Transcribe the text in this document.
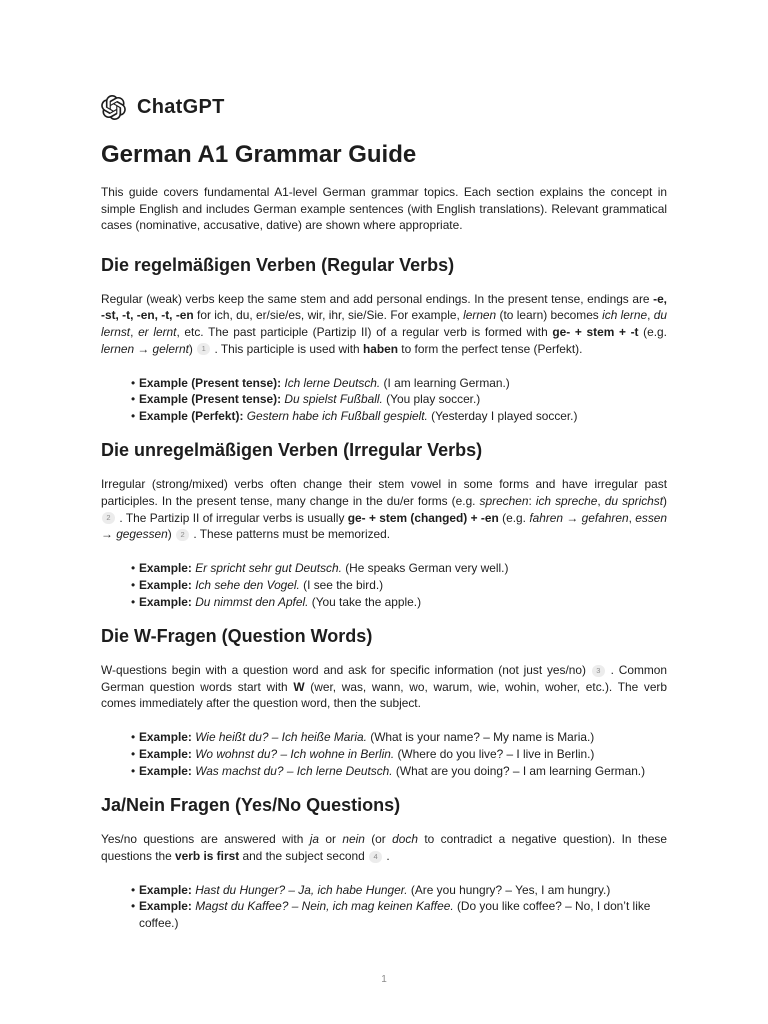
ChatGPT
German A1 Grammar Guide

This guide covers fundamental A1-level German grammar topics. Each section explains the concept in simple English and includes German example sentences (with English translations). Relevant grammatical cases (nominative, accusative, dative) are shown where appropriate.

Die regelmäßigen Verben (Regular Verbs)

Regular (weak) verbs keep the same stem and add personal endings. In the present tense, endings are -e, -st, -t, -en, -t, -en for ich, du, er/sie/es, wir, ihr, sie/Sie. For example, lernen (to learn) becomes ich lerne, du lernst, er lernt, etc. The past participle (Partizip II) of a regular verb is formed with ge- + stem + -t (e.g. lernen → gelernt) 1 . This participle is used with haben to form the perfect tense (Perfekt).

• Example (Present tense): Ich lerne Deutsch. (I am learning German.)
• Example (Present tense): Du spielst Fußball. (You play soccer.)
• Example (Perfekt): Gestern habe ich Fußball gespielt. (Yesterday I played soccer.)
Die unregelmäßigen Verben (Irregular Verbs)

Irregular (strong/mixed) verbs often change their stem vowel in some forms and have irregular past participles. In the present tense, many change in the du/er forms (e.g. sprechen: ich spreche, du sprichst) 2 . The Partizip II of irregular verbs is usually ge- + stem (changed) + -en (e.g. fahren → gefahren, essen → gegessen) 2 . These patterns must be memorized.

• Example: Er spricht sehr gut Deutsch. (He speaks German very well.)
• Example: Ich sehe den Vogel. (I see the bird.)
• Example: Du nimmst den Apfel. (You take the apple.)
Die W-Fragen (Question Words)

W-questions begin with a question word and ask for specific information (not just yes/no) 3 . Common German question words start with W (wer, was, wann, wo, warum, wie, wohin, woher, etc.). The verb comes immediately after the question word, then the subject.

• Example: Wie heißt du? – Ich heiße Maria. (What is your name? – My name is Maria.)
• Example: Wo wohnst du? – Ich wohne in Berlin. (Where do you live? – I live in Berlin.)
• Example: Was machst du? – Ich lerne Deutsch. (What are you doing? – I am learning German.)
Ja/Nein Fragen (Yes/No Questions)

Yes/no questions are answered with ja or nein (or doch to contradict a negative question). In these questions the verb is first and the subject second 4 .

• Example: Hast du Hunger? – Ja, ich habe Hunger. (Are you hungry? – Yes, I am hungry.)
• Example: Magst du Kaffee? – Nein, ich mag keinen Kaffee. (Do you like coffee? – No, I don’t like coffee.)
1
